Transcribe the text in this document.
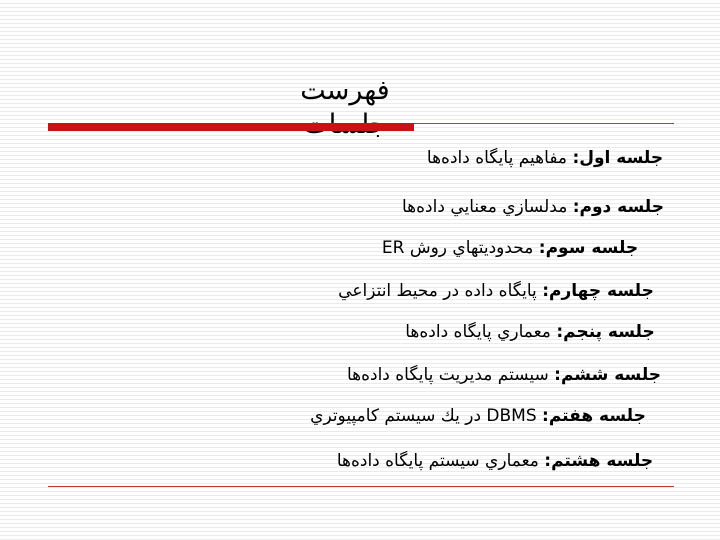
فهرست
جلسه اول: مفاهيم پايگاه داده‌ها
جلسه دوم: مدلسازي معنايي داده‌ها
جلسه سوم: محدوديتهاي روش ER
جلسه چهارم: پايگاه داده در محيط انتزاعي
جلسه پنجم: معماري پايگاه داده‌ها
جلسه ششم: سيستم مديريت پايگاه داده‌ها
جلسه هفتم: DBMS در يك سيستم كامپيوتري
جلسه هشتم: معماري سيستم پايگاه داده‌ها
